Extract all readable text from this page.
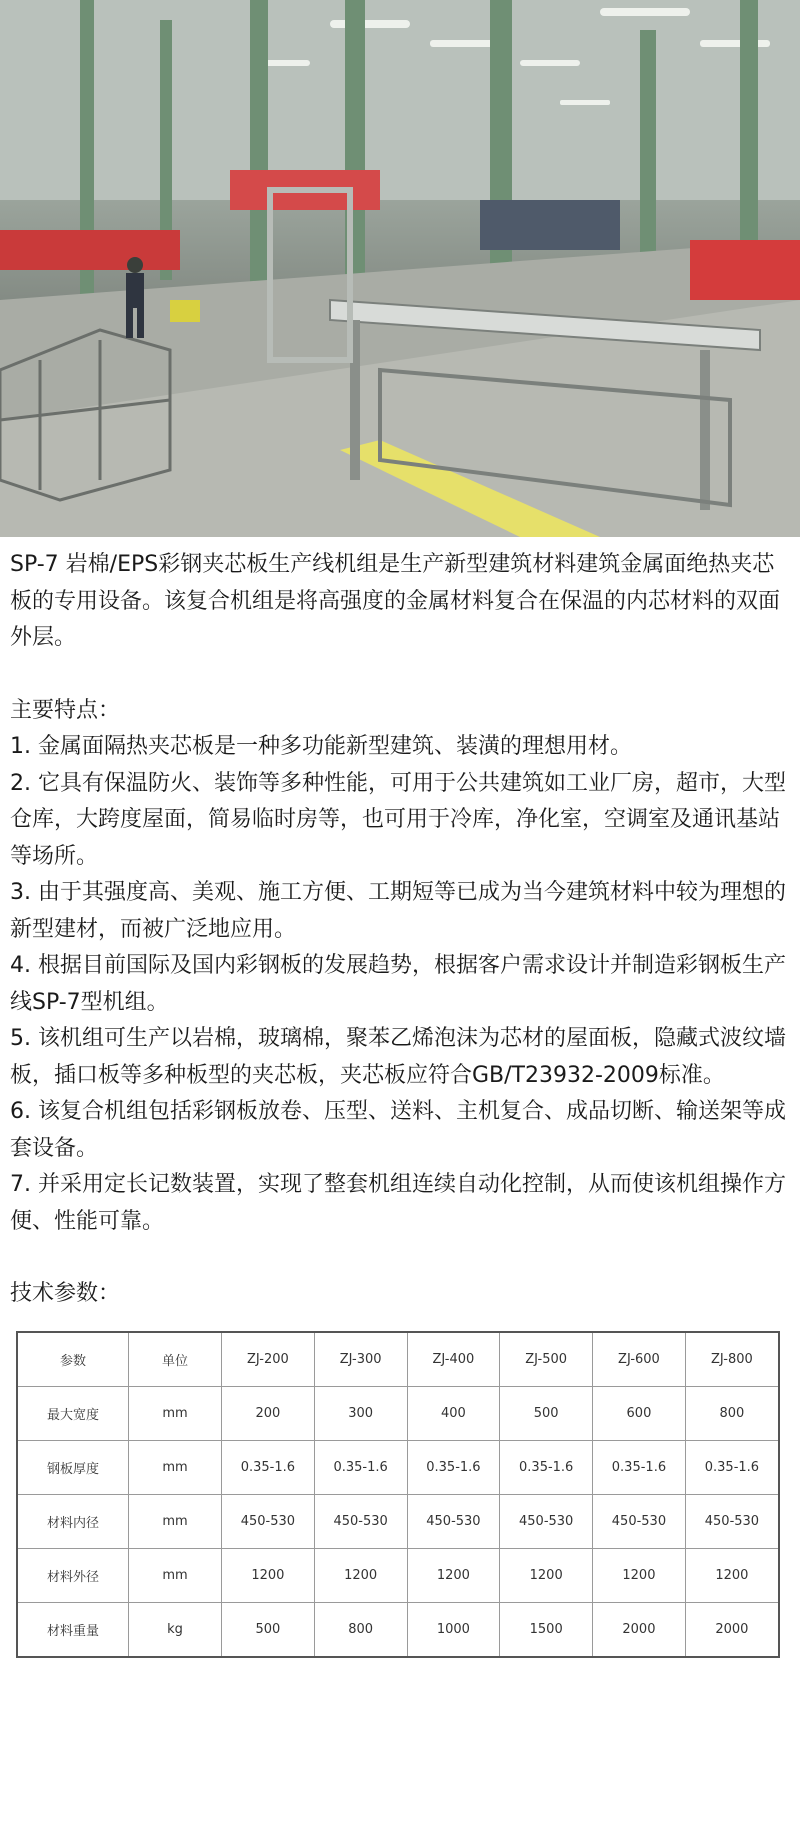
SP-7 岩棉/EPS彩钢夹芯板生产线机组是生产新型建筑材料建筑金属面绝热夹芯板的专用设备。该复合机组是将高强度的金属材料复合在保温的内芯材料的双面外层。

主要特点：

1. 金属面隔热夹芯板是一种多功能新型建筑、装潢的理想用材。

2. 它具有保温防火、装饰等多种性能，可用于公共建筑如工业厂房，超市，大型仓库，大跨度屋面，简易临时房等，也可用于冷库，净化室，空调室及通讯基站等场所。

3. 由于其强度高、美观、施工方便、工期短等已成为当今建筑材料中较为理想的新型建材，而被广泛地应用。

4. 根据目前国际及国内彩钢板的发展趋势，根据客户需求设计并制造彩钢板生产线SP-7型机组。

5. 该机组可生产以岩棉，玻璃棉，聚苯乙烯泡沫为芯材的屋面板，隐藏式波纹墙板，插口板等多种板型的夹芯板，夹芯板应符合GB/T23932-2009标准。

6. 该复合机组包括彩钢板放卷、压型、送料、主机复合、成品切断、输送架等成套设备。

7. 并采用定长记数装置，实现了整套机组连续自动化控制，从而使该机组操作方便、性能可靠。

技术参数：

参数	单位	ZJ-200	ZJ-300	ZJ-400	ZJ-500	ZJ-600	ZJ-800
最大宽度	mm	200	300	400	500	600	800
钢板厚度	mm	0.35-1.6	0.35-1.6	0.35-1.6	0.35-1.6	0.35-1.6	0.35-1.6
材料内径	mm	450-530	450-530	450-530	450-530	450-530	450-530
材料外径	mm	1200	1200	1200	1200	1200	1200
材料重量	kg	500	800	1000	1500	2000	2000
